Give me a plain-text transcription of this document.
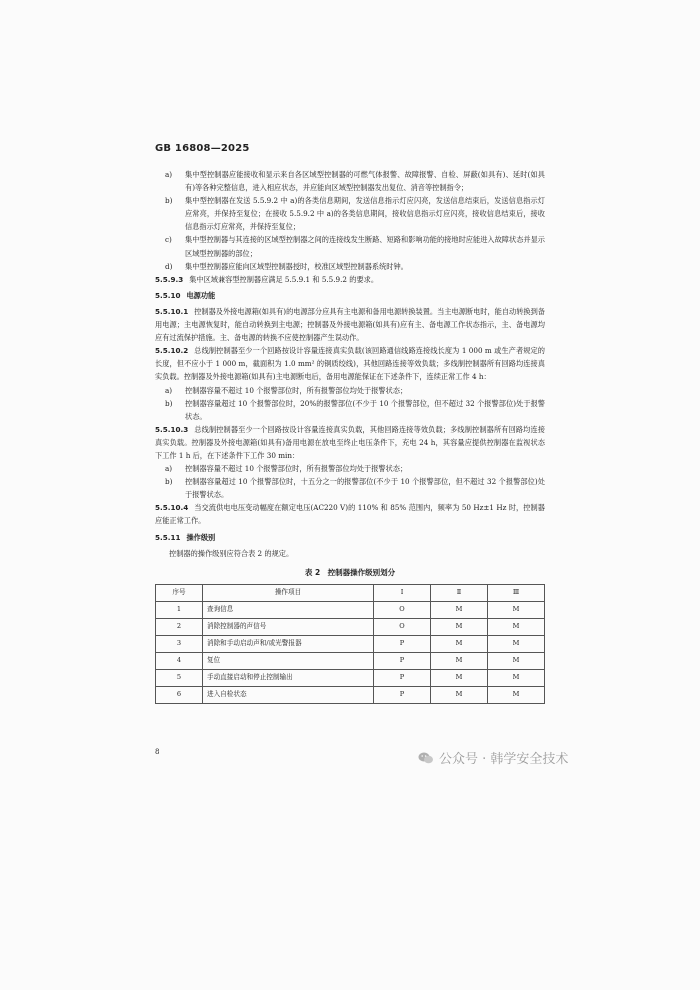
GB 16808—2025
a)	集中型控制器应能接收和显示来自各区域型控制器的可燃气体报警、故障报警、自检、屏蔽(如具有)、延时(如具有)等各种完整信息，进入相应状态，并应能向区域型控制器发出复位、消音等控制指令；
b)	集中型控制器在发送 5.5.9.2 中 a)的各类信息期间，发送信息指示灯应闪亮，发送信息结束后，发送信息指示灯应常亮，并保持至复位；在接收 5.5.9.2 中 a)的各类信息期间，接收信息指示灯应闪亮，接收信息结束后，接收信息指示灯应常亮，并保持至复位；
c)	集中型控制器与其连接的区域型控制器之间的连接线发生断路、短路和影响功能的接地时应能进入故障状态并显示区域型控制器的部位；
d)	集中型控制器应能向区域型控制器授时，校准区域型控制器系统时钟。

5.5.9.3 集中区域兼容型控制器应满足 5.5.9.1 和 5.5.9.2 的要求。

5.5.10 电源功能

5.5.10.1 控制器及外接电源箱(如具有)的电源部分应具有主电源和备用电源转换装置。当主电源断电时，能自动转换到备用电源；主电源恢复时，能自动转换到主电源；控制器及外接电源箱(如具有)应有主、备电源工作状态指示，主、备电源均应有过流保护措施。主、备电源的转换不应使控制器产生误动作。

5.5.10.2 总线制控制器至少一个回路按设计容量连接真实负载(该回路通信线路连接线长度为 1 000 m 或生产者规定的长度，但不应小于 1 000 m，截面积为 1.0 mm² 的铜质绞线)，其他回路连接等效负载；多线制控制器所有回路均连接真实负载。控制器及外接电源箱(如具有)主电源断电后，备用电源能保证在下述条件下，连续正常工作 4 h：

a)	控制器容量不超过 10 个报警部位时，所有报警部位均处于报警状态；
b)	控制器容量超过 10 个报警部位时，20%的报警部位(不少于 10 个报警部位，但不超过 32 个报警部位)处于报警状态。

5.5.10.3 总线制控制器至少一个回路按设计容量连接真实负载，其他回路连接等效负载；多线制控制器所有回路均连接真实负载。控制器及外接电源箱(如具有)备用电源在放电至终止电压条件下，充电 24 h，其容量应提供控制器在监视状态下工作 1 h 后，在下述条件下工作 30 min：

a)	控制器容量不超过 10 个报警部位时，所有报警部位均处于报警状态；
b)	控制器容量超过 10 个报警部位时，十五分之一的报警部位(不少于 10 个报警部位，但不超过 32 个报警部位)处于报警状态。

5.5.10.4 当交流供电电压变动幅度在额定电压(AC220 V)的 110% 和 85% 范围内，频率为 50 Hz±1 Hz 时，控制器应能正常工作。

5.5.11 操作级别

控制器的操作级别应符合表 2 的规定。

表 2　控制器操作级别划分
序号	操作项目	Ⅰ	Ⅱ	Ⅲ
1	查询信息	O	M	M
2	消除控制器的声信号	O	M	M
3	消除和手动启动声和/或光警报器	P	M	M
4	复位	P	M	M
5	手动直接启动和停止控制输出	P	M	M
6	进入自检状态	P	M	M
8	公众号 · 韩学安全技术
